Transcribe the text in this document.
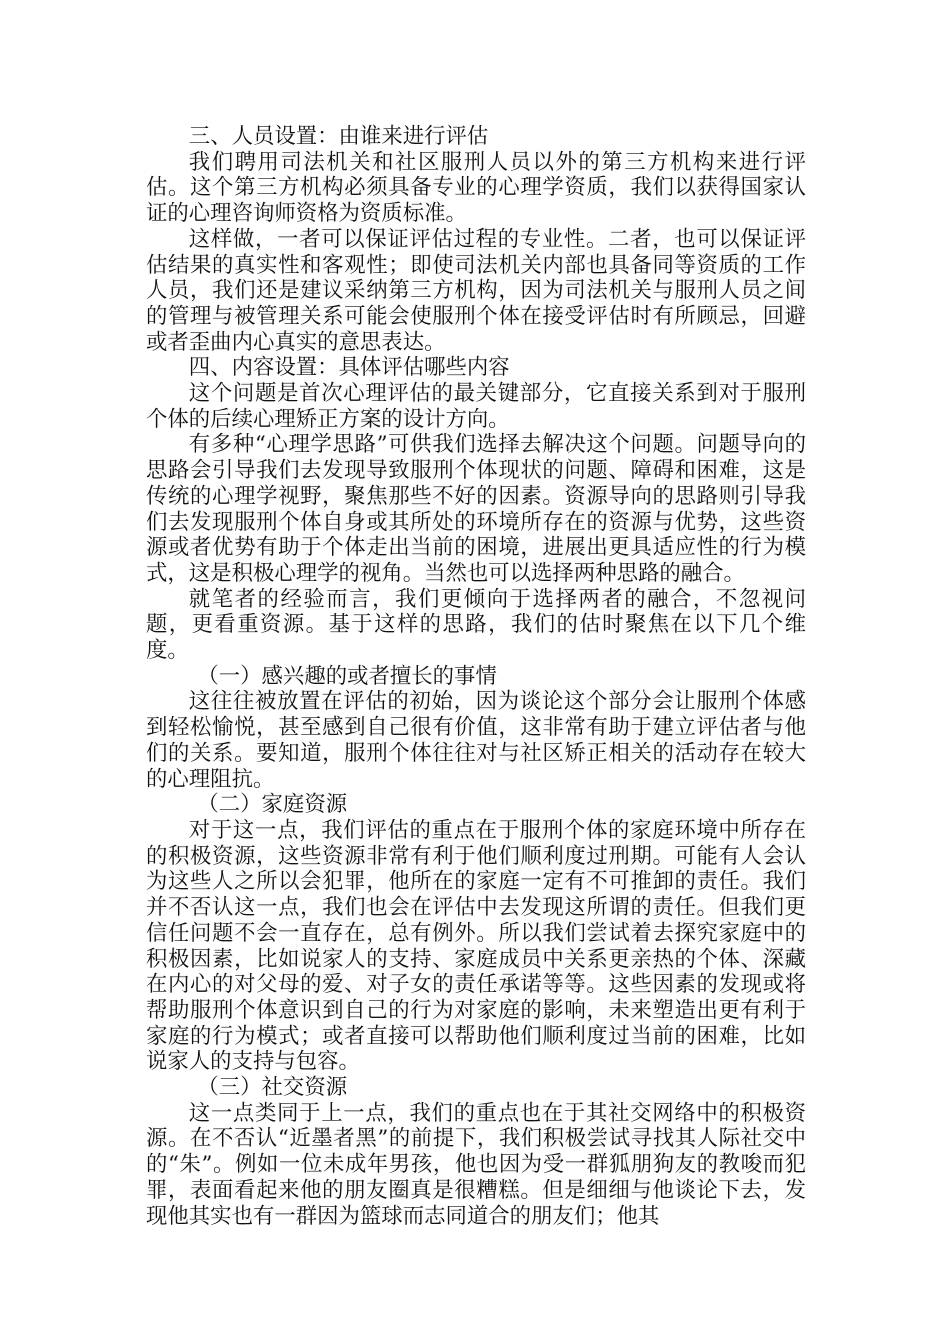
三、人员设置：由谁来进行评估

我们聘用司法机关和社区服刑人员以外的第三方机构来进行评估。这个第三方机构必须具备专业的心理学资质，我们以获得国家认证的心理咨询师资格为资质标准。

这样做，一者可以保证评估过程的专业性。二者，也可以保证评估结果的真实性和客观性；即使司法机关内部也具备同等资质的工作人员，我们还是建议采纳第三方机构，因为司法机关与服刑人员之间的管理与被管理关系可能会使服刑个体在接受评估时有所顾忌，回避或者歪曲内心真实的意思表达。

四、内容设置：具体评估哪些内容

这个问题是首次心理评估的最关键部分，它直接关系到对于服刑个体的后续心理矫正方案的设计方向。

有多种“心理学思路”可供我们选择去解决这个问题。问题导向的思路会引导我们去发现导致服刑个体现状的问题、障碍和困难，这是传统的心理学视野，聚焦那些不好的因素。资源导向的思路则引导我们去发现服刑个体自身或其所处的环境所存在的资源与优势，这些资源或者优势有助于个体走出当前的困境，进展出更具适应性的行为模式，这是积极心理学的视角。当然也可以选择两种思路的融合。

就笔者的经验而言，我们更倾向于选择两者的融合，不忽视问题，更看重资源。基于这样的思路，我们的估时聚焦在以下几个维度。

（一）感兴趣的或者擅长的事情

这往往被放置在评估的初始，因为谈论这个部分会让服刑个体感到轻松愉悦，甚至感到自己很有价值，这非常有助于建立评估者与他们的关系。要知道，服刑个体往往对与社区矫正相关的活动存在较大的心理阻抗。

（二）家庭资源

对于这一点，我们评估的重点在于服刑个体的家庭环境中所存在的积极资源，这些资源非常有利于他们顺利度过刑期。可能有人会认为这些人之所以会犯罪，他所在的家庭一定有不可推卸的责任。我们并不否认这一点，我们也会在评估中去发现这所谓的责任。但我们更信任问题不会一直存在，总有例外。所以我们尝试着去探究家庭中的积极因素，比如说家人的支持、家庭成员中关系更亲热的个体、深藏在内心的对父母的爱、对子女的责任承诺等等。这些因素的发现或将帮助服刑个体意识到自己的行为对家庭的影响，未来塑造出更有利于家庭的行为模式；或者直接可以帮助他们顺利度过当前的困难，比如说家人的支持与包容。

（三）社交资源

这一点类同于上一点，我们的重点也在于其社交网络中的积极资源。在不否认“近墨者黑”的前提下，我们积极尝试寻找其人际社交中的“朱”。例如一位未成年男孩，他也因为受一群狐朋狗友的教唆而犯罪，表面看起来他的朋友圈真是很糟糕。但是细细与他谈论下去，发现他其实也有一群因为篮球而志同道合的朋友们；他其
